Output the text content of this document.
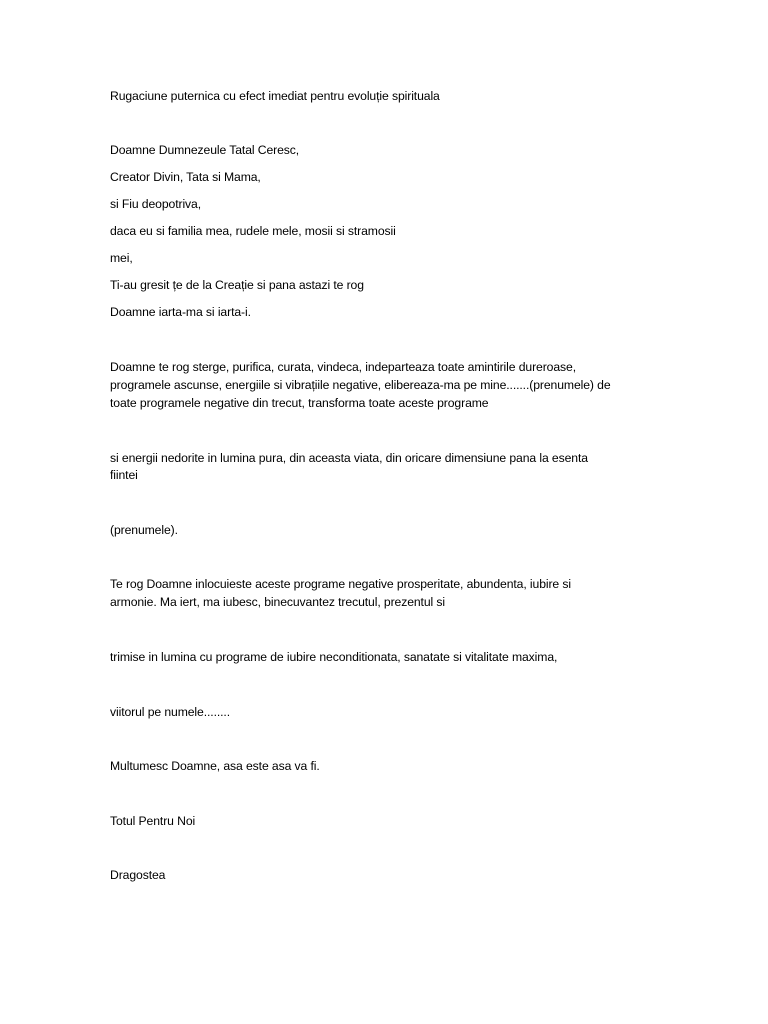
Rugaciune puternica cu efect imediat pentru evoluție spirituala
Doamne Dumnezeule Tatal Ceresc,
Creator Divin, Tata si Mama,
si Fiu deopotriva,
daca eu si familia mea, rudele mele, mosii si stramosii
mei,
Ti-au gresit țe de la Creație si pana astazi te rog
Doamne iarta-ma si iarta-i.
Doamne te rog sterge, purifica, curata, vindeca, indeparteaza toate amintirile dureroase,
programele ascunse, energiile si vibrațiile negative, elibereaza-ma pe mine.......(prenumele) de
toate programele negative din trecut, transforma toate aceste programe
si energii nedorite in lumina pura, din aceasta viata, din oricare dimensiune pana la esenta
fiintei
(prenumele).
Te rog Doamne inlocuieste aceste programe negative prosperitate, abundenta, iubire si
armonie. Ma iert, ma iubesc, binecuvantez trecutul, prezentul si
trimise in lumina cu programe de iubire neconditionata, sanatate si vitalitate maxima,
viitorul pe numele........
Multumesc Doamne, asa este asa va fi.
Totul Pentru Noi
Dragostea
